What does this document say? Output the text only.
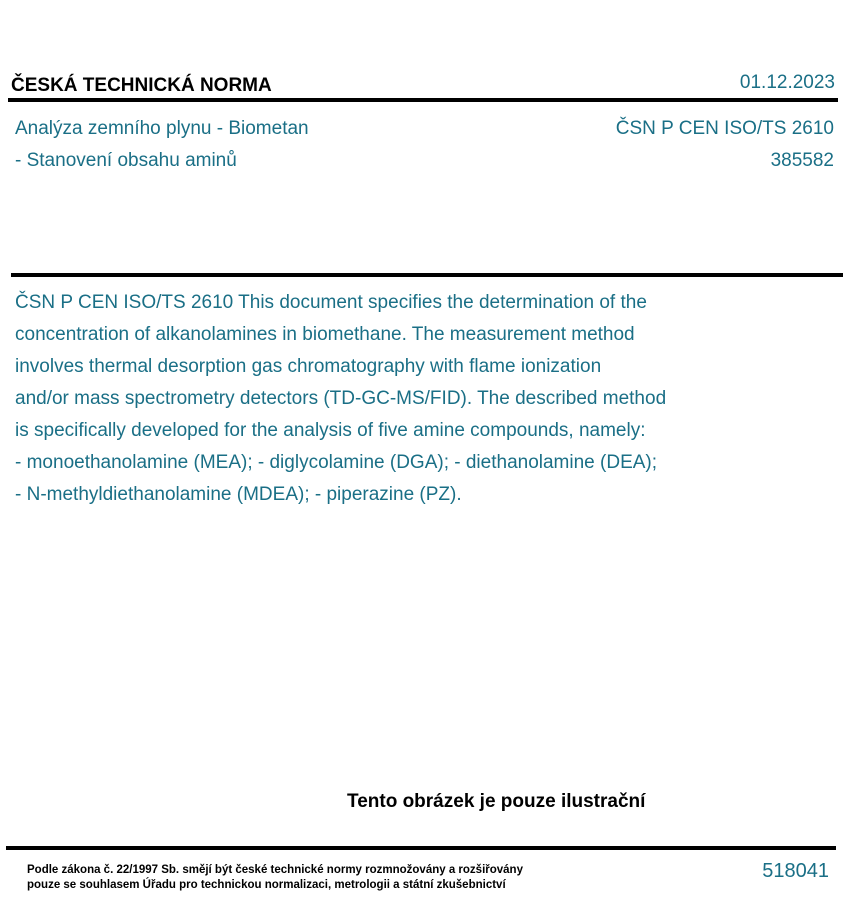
ČESKÁ TECHNICKÁ NORMA	01.12.2023
Analýza zemního plynu - Biometan
- Stanovení obsahu aminů
ČSN P CEN ISO/TS 2610
385582
ČSN P CEN ISO/TS 2610 This document specifies the determination of the
concentration of alkanolamines in biomethane. The measurement method
involves thermal desorption gas chromatography with flame ionization
and/or mass spectrometry detectors (TD-GC-MS/FID). The described method
is specifically developed for the analysis of five amine compounds, namely:
- monoethanolamine (MEA); - diglycolamine (DGA); - diethanolamine (DEA);
- N-methyldiethanolamine (MDEA); - piperazine (PZ).
Tento obrázek je pouze ilustrační
Podle zákona č. 22/1997 Sb. smějí být české technické normy rozmnožovány a rozšiřovány
pouze se souhlasem Úřadu pro technickou normalizaci, metrologii a státní zkušebnictví
518041
